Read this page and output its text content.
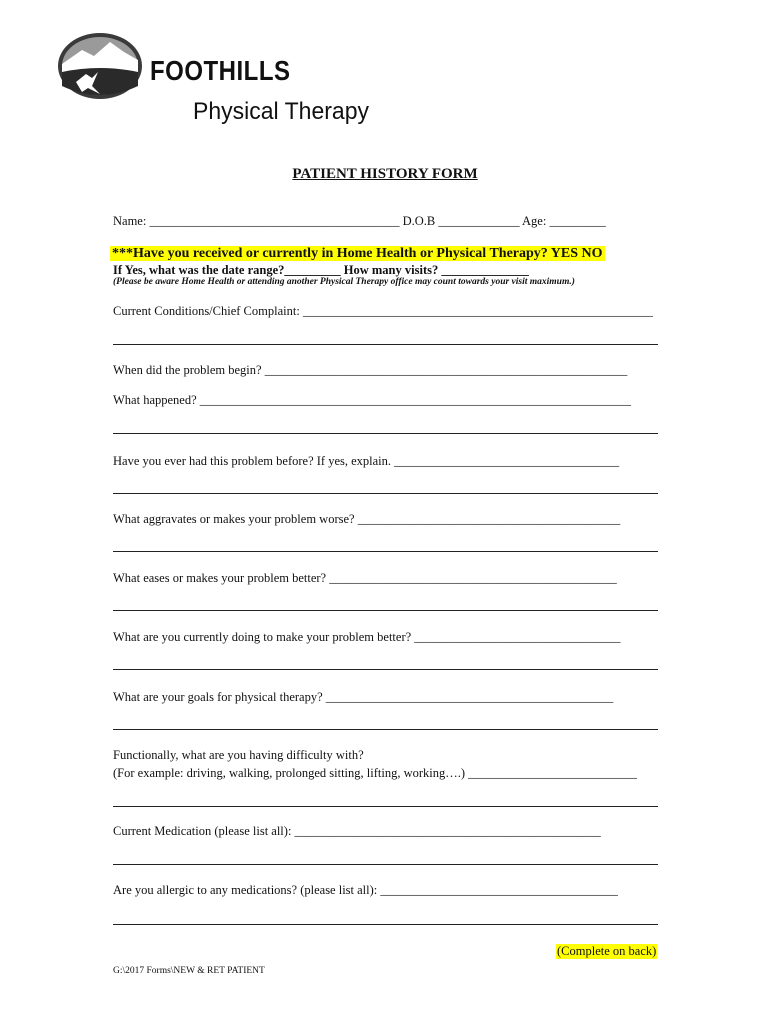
FOOTHILLS
Physical Therapy
PATIENT HISTORY FORM
Name: ________________________________________ D.O.B _____________ Age: _________
***Have you received or currently in Home Health or Physical Therapy? YES NO
If Yes, what was the date range?_________ How many visits? ______________
(Please be aware Home Health or attending another Physical Therapy office may count towards your visit maximum.)
Current Conditions/Chief Complaint: ________________________________________________________
When did the problem begin? __________________________________________________________
What happened? _____________________________________________________________________
Have you ever had this problem before? If yes, explain. ____________________________________
What aggravates or makes your problem worse? __________________________________________
What eases or makes your problem better? ______________________________________________
What are you currently doing to make your problem better? _________________________________
What are your goals for physical therapy? ______________________________________________
Functionally, what are you having difficulty with?
(For example: driving, walking, prolonged sitting, lifting, working….) ___________________________
Current Medication (please list all): _________________________________________________
Are you allergic to any medications? (please list all): ______________________________________
(Complete on back)
G:\2017 Forms\NEW & RET PATIENT
